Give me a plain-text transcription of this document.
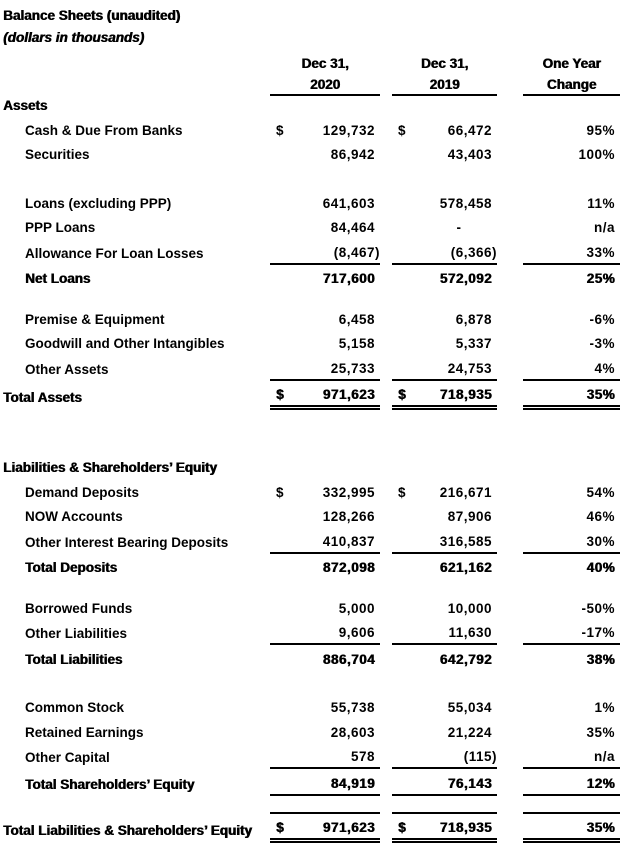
Balance Sheets (unaudited)
(dollars in thousands)
	Dec 31,			Dec 31,			One Year
	2020			2019			Change
Assets							
Cash & Due From Banks	$	129,732		$	66,472		95%
Securities		86,942			43,403		100%

Loans (excluding PPP)		641,603			578,458		11%
PPP Loans		84,464			-		n/a
Allowance For Loan Losses		(8,467)			(6,366)		33%
Net Loans		717,600			572,092		25%

Premise & Equipment		6,458			6,878		-6%
Goodwill and Other Intangibles		5,158			5,337		-3%
Other Assets		25,733			24,753		4%
Total Assets	$	971,623		$	718,935		35%

Liabilities & Shareholders’ Equity							
Demand Deposits	$	332,995		$	216,671		54%
NOW Accounts		128,266			87,906		46%
Other Interest Bearing Deposits		410,837			316,585		30%
Total Deposits		872,098			621,162		40%

Borrowed Funds		5,000			10,000		-50%
Other Liabilities		9,606			11,630		-17%
Total Liabilities		886,704			642,792		38%

Common Stock		55,738			55,034		1%
Retained Earnings		28,603			21,224		35%
Other Capital		578			(115)		n/a
Total Shareholders’ Equity		84,919			76,143		12%

Total Liabilities & Shareholders’ Equity	$	971,623		$	718,935		35%
